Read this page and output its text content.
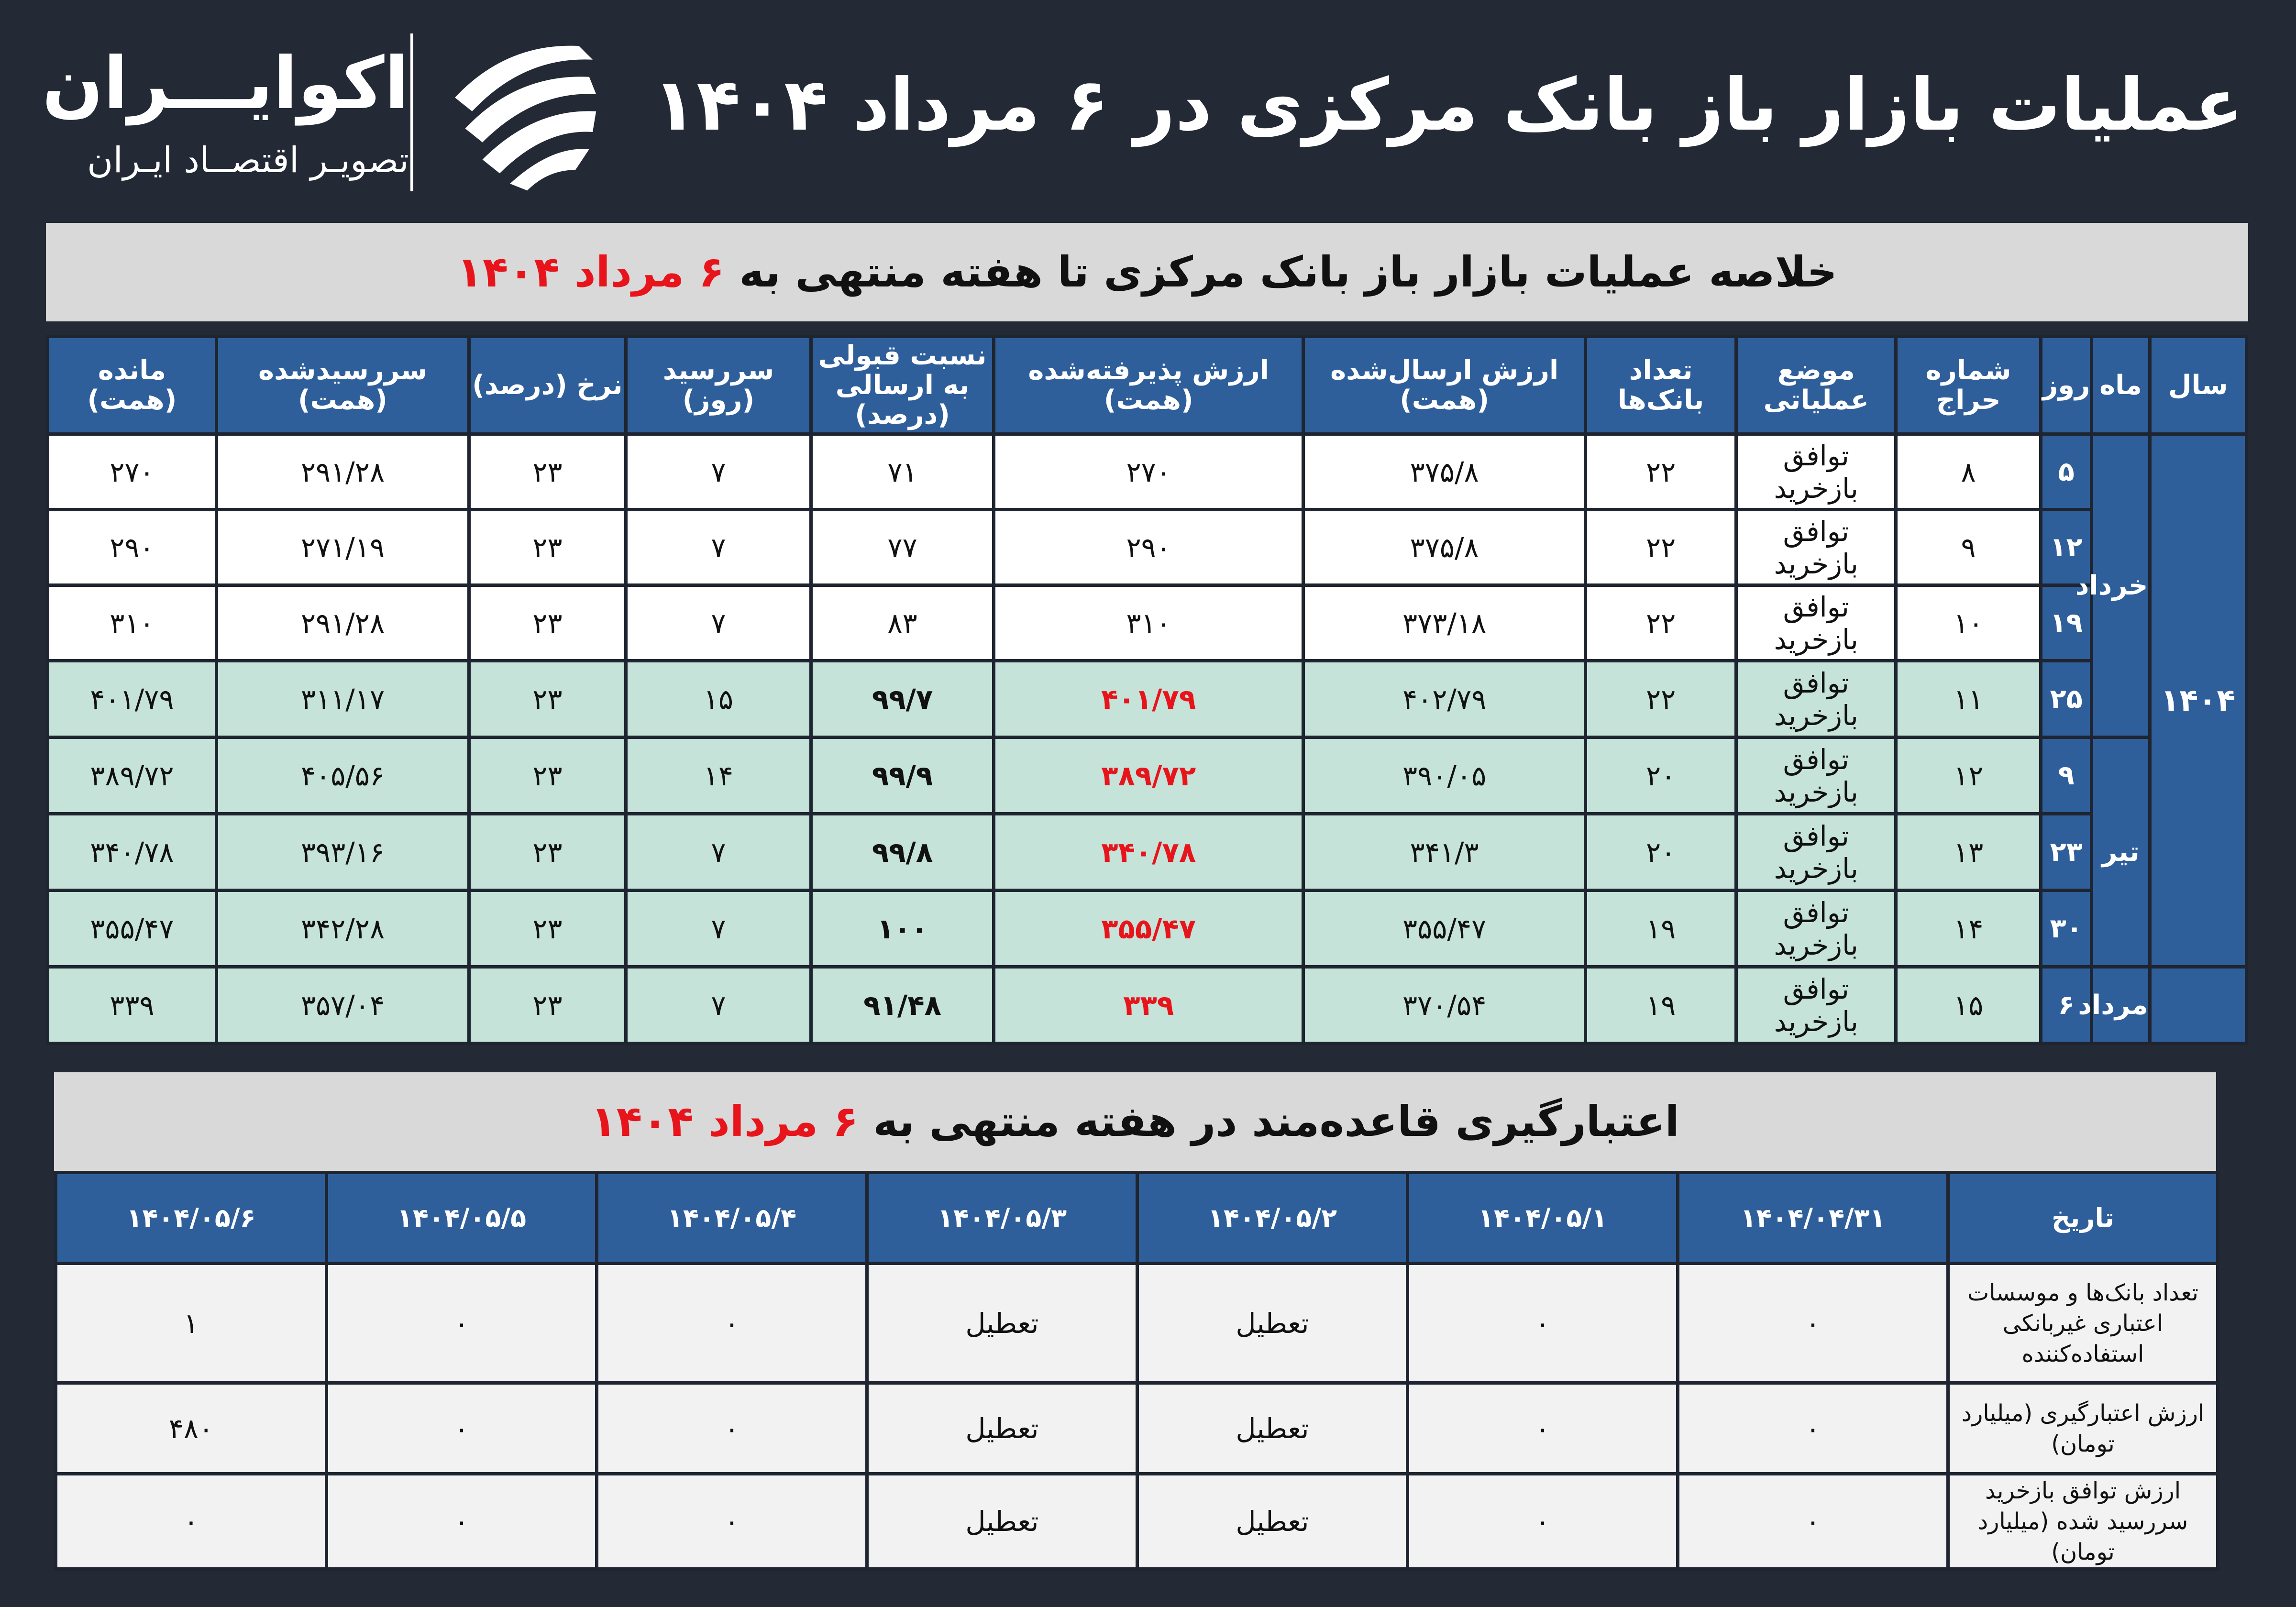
عملیات بازار باز بانک مرکزی در ۶ مرداد ۱۴۰۴
اکوایـــران
تصویـر اقتصــاد ایـران
خلاصه عملیات بازار باز بانک مرکزی تا هفته منتهی به ۶ مرداد ۱۴۰۴
سال	ماه	روز	شماره حراج	موضع عملیاتی	تعداد بانک‌ها	ارزش ارسال‌شده (همت)	ارزش پذیرفته‌شده (همت)	نسبت قبولی به ارسالی (درصد)	سررسید (روز)	نرخ (درصد)	سررسیدشده (همت)	مانده (همت)
۱۴۰۴	خرداد	۵	۸	توافق بازخرید	۲۲	۳۷۵/۸	۲۷۰	۷۱	۷	۲۳	۲۹۱/۲۸	۲۷۰
		۱۲	۹	توافق بازخرید	۲۲	۳۷۵/۸	۲۹۰	۷۷	۷	۲۳	۲۷۱/۱۹	۲۹۰
		۱۹	۱۰	توافق بازخرید	۲۲	۳۷۳/۱۸	۳۱۰	۸۳	۷	۲۳	۲۹۱/۲۸	۳۱۰
		۲۵	۱۱	توافق بازخرید	۲۲	۴۰۲/۷۹	۴۰۱/۷۹	۹۹/۷	۱۵	۲۳	۳۱۱/۱۷	۴۰۱/۷۹
	تیر	۹	۱۲	توافق بازخرید	۲۰	۳۹۰/۰۵	۳۸۹/۷۲	۹۹/۹	۱۴	۲۳	۴۰۵/۵۶	۳۸۹/۷۲
		۲۳	۱۳	توافق بازخرید	۲۰	۳۴۱/۳	۳۴۰/۷۸	۹۹/۸	۷	۲۳	۳۹۳/۱۶	۳۴۰/۷۸
		۳۰	۱۴	توافق بازخرید	۱۹	۳۵۵/۴۷	۳۵۵/۴۷	۱۰۰	۷	۲۳	۳۴۲/۲۸	۳۵۵/۴۷
	مرداد	۶	۱۵	توافق بازخرید	۱۹	۳۷۰/۵۴	۳۳۹	۹۱/۴۸	۷	۲۳	۳۵۷/۰۴	۳۳۹
اعتبارگیری قاعده‌مند در هفته منتهی به ۶ مرداد ۱۴۰۴
تاریخ	۱۴۰۴/۰۴/۳۱	۱۴۰۴/۰۵/۱	۱۴۰۴/۰۵/۲	۱۴۰۴/۰۵/۳	۱۴۰۴/۰۵/۴	۱۴۰۴/۰۵/۵	۱۴۰۴/۰۵/۶
تعداد بانک‌ها و موسسات اعتباری غیربانکی استفاده‌کننده	۰	۰	تعطیل	تعطیل	۰	۰	۱
ارزش اعتبارگیری (میلیارد تومان)	۰	۰	تعطیل	تعطیل	۰	۰	۴۸۰
ارزش توافق بازخرید سررسید شده (میلیارد تومان)	۰	۰	تعطیل	تعطیل	۰	۰	۰
